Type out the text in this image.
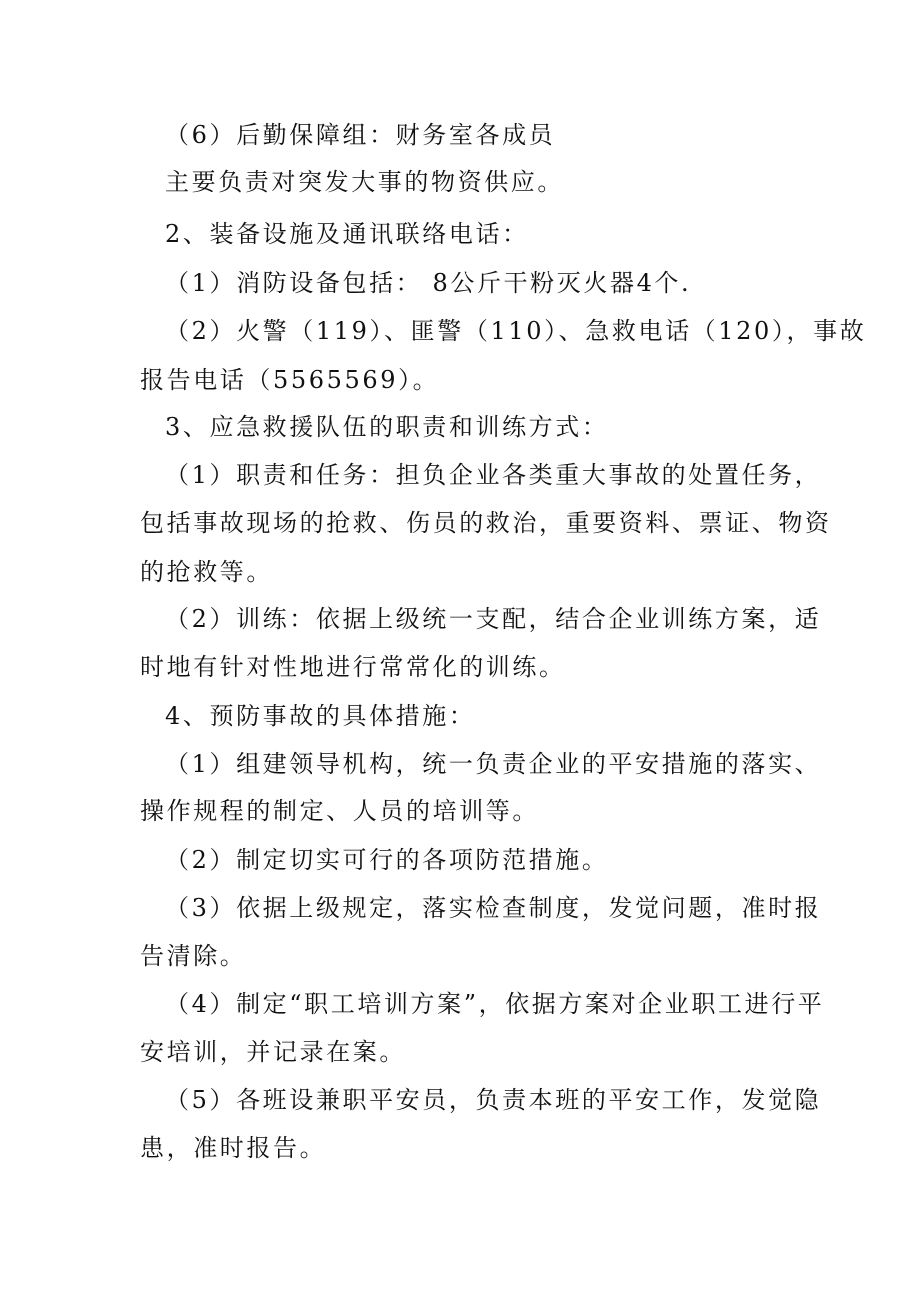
（6）后勤保障组：财务室各成员
主要负责对突发大事的物资供应。
2、装备设施及通讯联络电话：
（1）消防设备包括： 8公斤干粉灭火器4个.
（2）火警（119）、匪警（110）、急救电话（120），事故
报告电话（5565569）。
3、应急救援队伍的职责和训练方式：
（1）职责和任务：担负企业各类重大事故的处置任务，
包括事故现场的抢救、伤员的救治，重要资料、票证、物资
的抢救等。
（2）训练：依据上级统一支配，结合企业训练方案，适
时地有针对性地进行常常化的训练。
4、预防事故的具体措施：
（1）组建领导机构，统一负责企业的平安措施的落实、
操作规程的制定、人员的培训等。
（2）制定切实可行的各项防范措施。
（3）依据上级规定，落实检查制度，发觉问题，准时报
告清除。
（4）制定“职工培训方案”，依据方案对企业职工进行平
安培训，并记录在案。
（5）各班设兼职平安员，负责本班的平安工作，发觉隐
患，准时报告。
